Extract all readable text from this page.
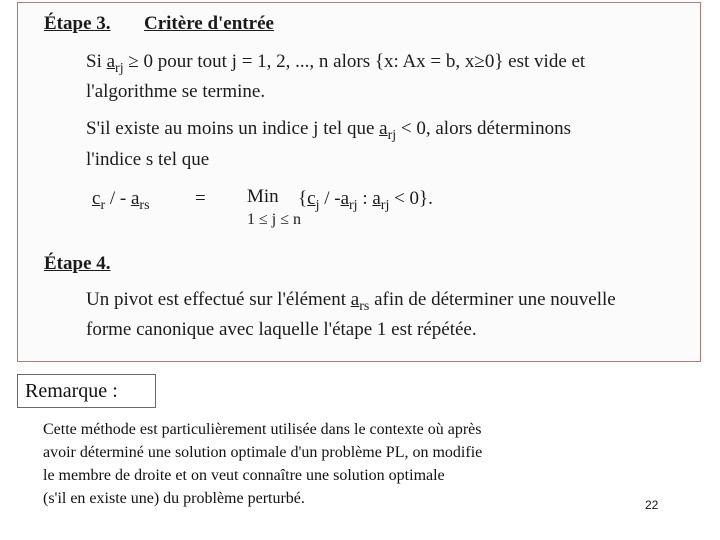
Étape 3. Critère d'entrée
Si $a_{rj} \ge 0$ pour tout j = 1, 2, ..., n alors {x: Ax = b, x≥0} est vide et
l'algorithme se termine.
S'il existe au moins un indice j tel que $a_{rj} < 0$, alors déterminons
l'indice s tel que
$c_r$ / - $a_{rs}$ = Min {$c_j / -a_{rj}$ : $a_{rj} < 0$}.
1 ≤ j ≤ n
Étape 4.
Un pivot est effectué sur l'élément $a_{rs}$ afin de déterminer une nouvelle
forme canonique avec laquelle l'étape 1 est répétée.
Remarque :
Cette méthode est particulièrement utilisée dans le contexte où après
avoir déterminé une solution optimale d'un problème PL, on modifie
le membre de droite et on veut connaître une solution optimale
(s'il en existe une) du problème perturbé.	22
